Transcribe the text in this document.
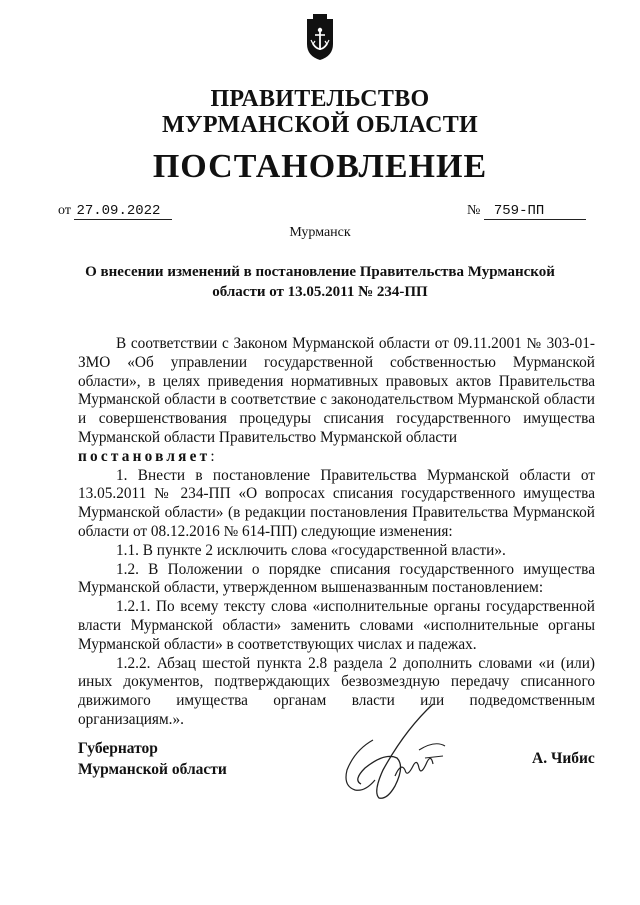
ПРАВИТЕЛЬСТВО
МУРМАНСКОЙ ОБЛАСТИ
ПОСТАНОВЛЕНИЕ
от 27.09.2022	№ 759-ПП
Мурманск
О внесении изменений в постановление Правительства Мурманской
области от 13.05.2011 № 234-ПП

В соответствии с Законом Мурманской области от 09.11.2001 № 303-01-ЗМО «Об управлении государственной собственностью Мурманской области», в целях приведения нормативных правовых актов Правительства Мурманской области в соответствие с законодательством Мурманской области и совершенствования процедуры списания государственного имущества Мурманской области Правительство Мурманской области

постановляет:

1. Внести в постановление Правительства Мурманской области от 13.05.2011 № 234-ПП «О вопросах списания государственного имущества Мурманской области» (в редакции постановления Правительства Мурманской области от 08.12.2016 № 614-ПП) следующие изменения:

1.1. В пункте 2 исключить слова «государственной власти».

1.2. В Положении о порядке списания государственного имущества Мурманской области, утвержденном вышеназванным постановлением:

1.2.1. По всему тексту слова «исполнительные органы государственной власти Мурманской области» заменить словами «исполнительные органы Мурманской области» в соответствующих числах и падежах.

1.2.2. Абзац шестой пункта 2.8 раздела 2 дополнить словами «и (или) иных документов, подтверждающих безвозмездную передачу списанного движимого имущества органам власти или подведомственным организациям.».

Губернатор
Мурманской области
А. Чибис
